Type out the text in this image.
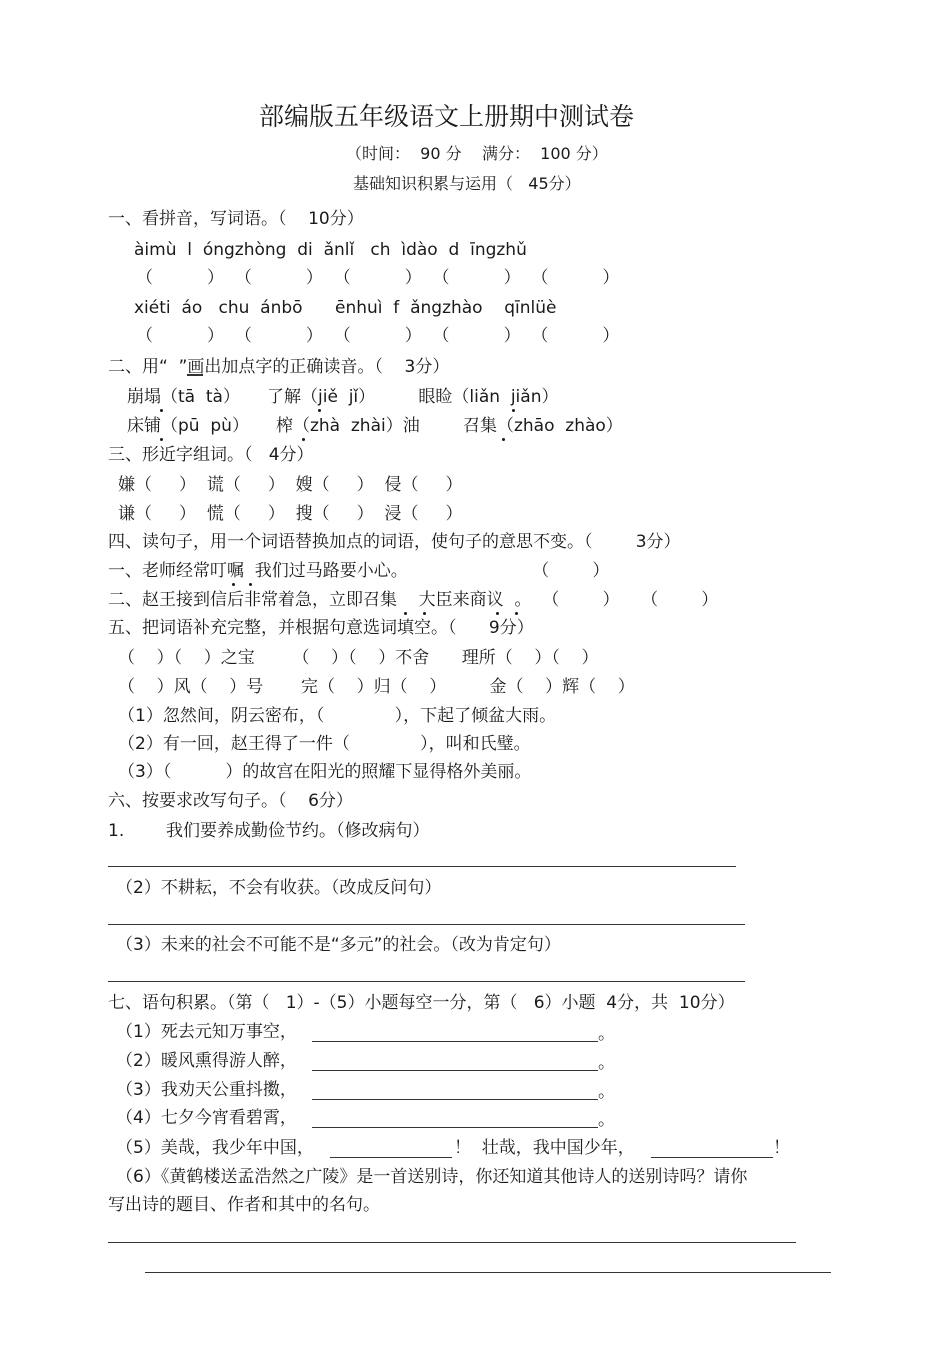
部编版五年级语文上册期中测试卷
（时间：  90 分    满分：  100 分）
基础知识积累与运用（   45分）
一、看拼音，写词语。（    10分）
àimù  l  óngzhòng  di  ǎnlǐ   ch  ìdào  d  īngzhǔ
（          ）  （          ）  （          ）  （          ）  （          ）
xiéti  áo   chu  ánbō      ēnhuì  f  ǎngzhào    qīnlüè
（          ）  （          ）  （          ）  （          ）  （          ）
二、用“  ”画出加点字的正确读音。（    3分）
崩塌（tā  tà）     了解（jiě  jǐ）        眼睑（liǎn  jiǎn）
床铺（pū  pù）     榨（zhà  zhài）油        召集（zhāo  zhào）
三、形近字组词。（   4分）
嫌（     ）  谎（     ）  嫂（     ）  侵（     ）
谦（     ）  慌（     ）  搜（     ）  浸（     ）
四、读句子，用一个词语替换加点的词语，使句子的意思不变。（        3分）
一、老师经常叮嘱  我们过马路要小心。                       （        ）
二、赵王接到信后非常着急，立即召集    大臣来商议  。  （        ）    （        ）
五、把词语补充完整，并根据句意选词填空。（      9分）
（    ）（    ）之宝       （    ）（    ）不舍      理所（    ）（    ）
（    ）风（    ）号       完（    ）归（    ）        金（    ）辉（    ）
（1）忽然间，阴云密布，（             ），下起了倾盆大雨。
（2）有一回，赵王得了一件（             ），叫和氏璧。
（3）（          ）的故宫在阳光的照耀下显得格外美丽。
六、按要求改写句子。（    6分）
1. 我们要养成勤俭节约。（修改病句）
（2）不耕耘，不会有收获。（改成反问句）
（3）未来的社会不可能不是“多元”的社会。（改为肯定句）
七、语句积累。（第（   1）-（5）小题每空一分，第（   6）小题  4分，共  10分）
（1）死去元知万事空，	。
（2）暖风熏得游人醉，	。
（3）我劝天公重抖擞，	。
（4）七夕今宵看碧霄，	。
（5）美哉，我少年中国，	！  壮哉，我中国少年，	！
（6）《黄鹤楼送孟浩然之广陵》是一首送别诗，你还知道其他诗人的送别诗吗？请你
写出诗的题目、作者和其中的名句。
